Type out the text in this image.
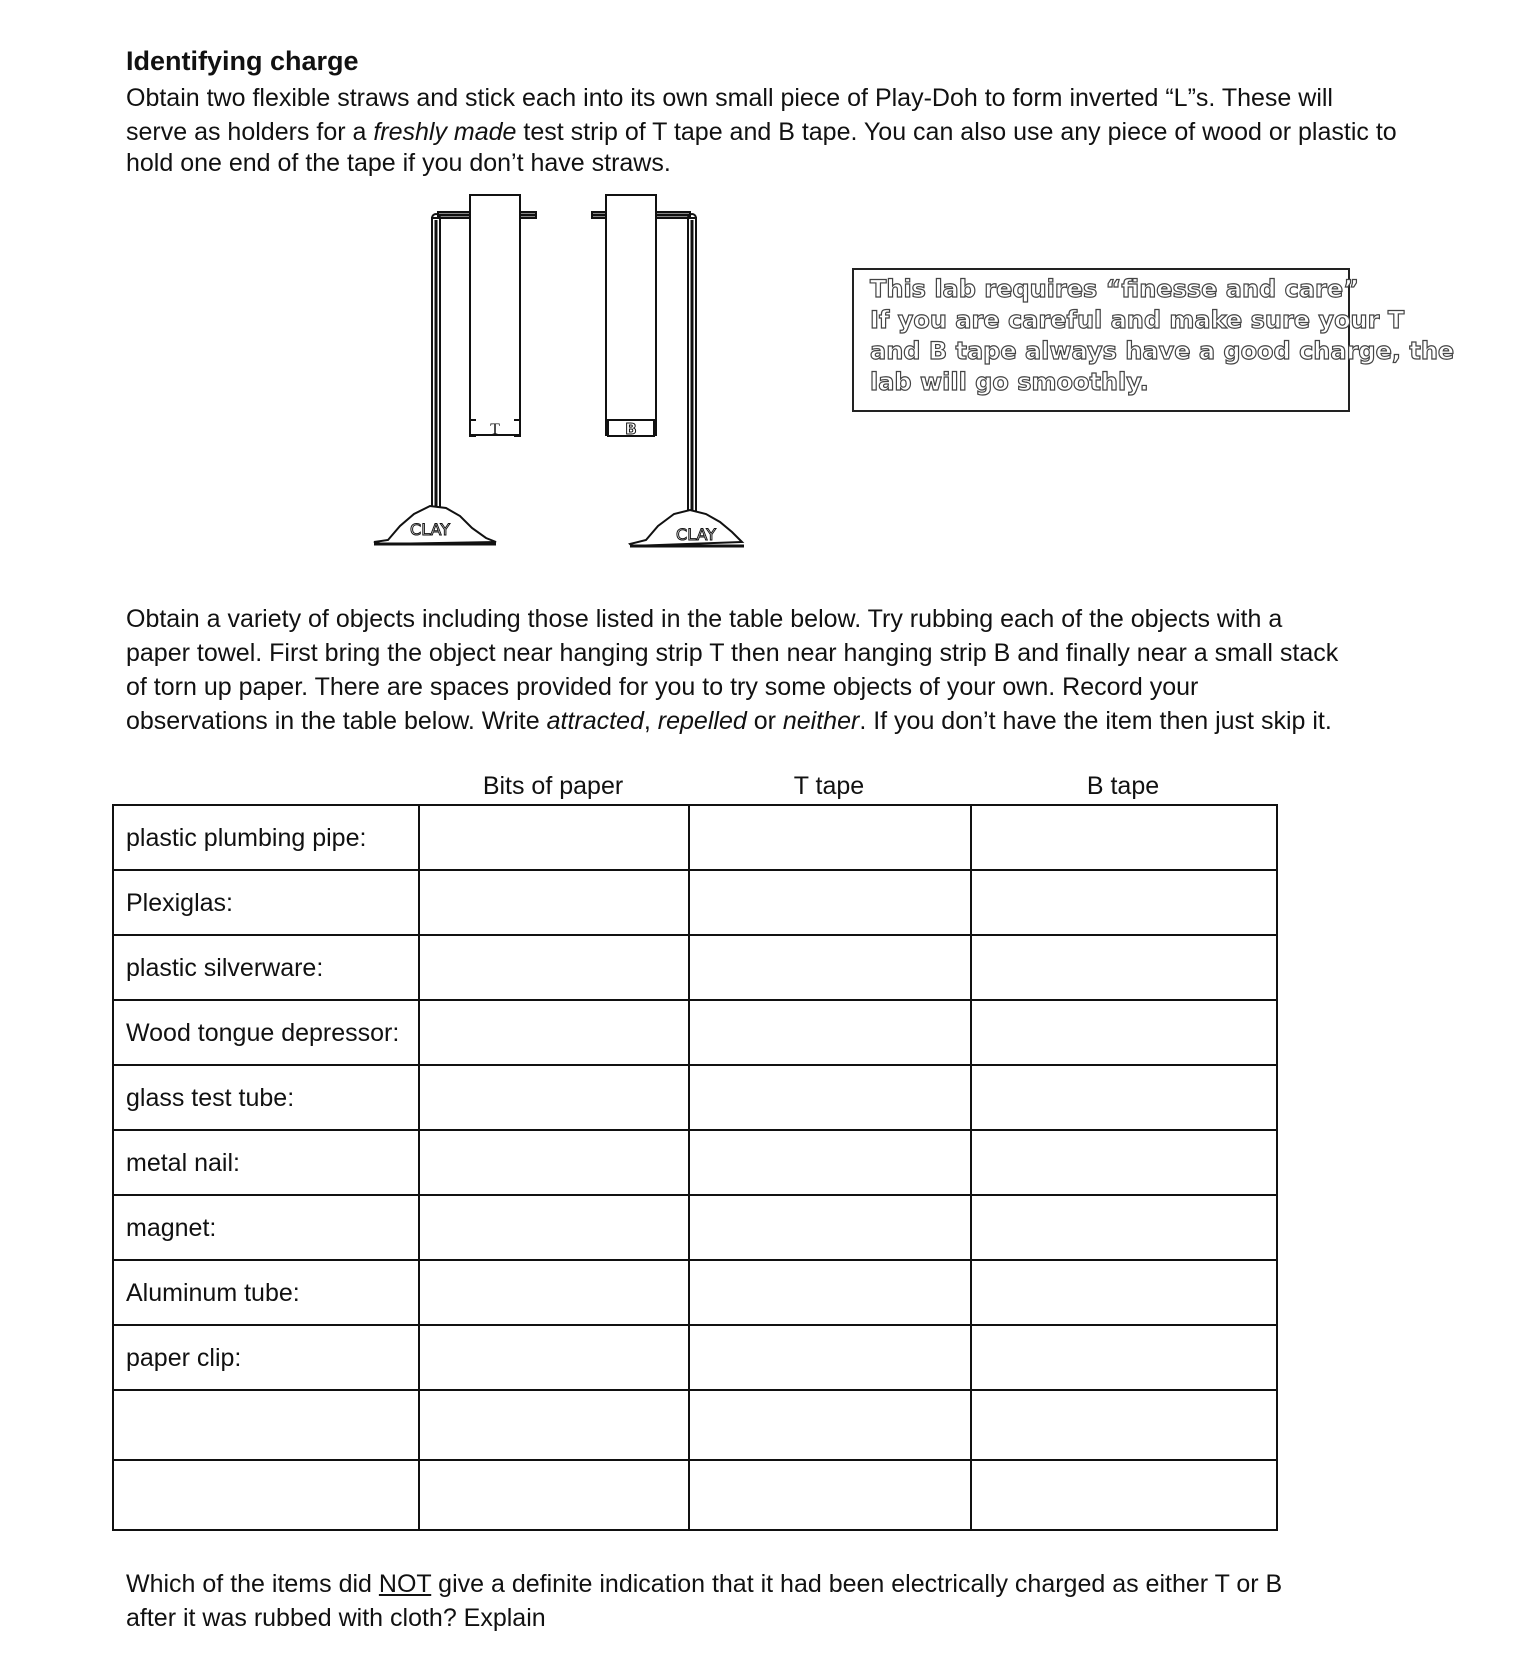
Identifying charge
Obtain two flexible straws and stick each into its own small piece of Play-Doh to form inverted “L”s. These will
serve as holders for a freshly made test strip of T tape and B tape. You can also use any piece of wood or plastic to
hold one end of the tape if you don’t have straws.
T	B
CLAY	CLAY
This lab requires “finesse and care”
If you are careful and make sure your T
and B tape always have a good charge, the
lab will go smoothly.
Obtain a variety of objects including those listed in the table below. Try rubbing each of the objects with a
paper towel. First bring the object near hanging strip T then near hanging strip B and finally near a small stack
of torn up paper. There are spaces provided for you to try some objects of your own. Record your
observations in the table below. Write attracted, repelled or neither. If you don’t have the item then just skip it.
Bits of paper	T tape	B tape
plastic plumbing pipe:			
Plexiglas:			
plastic silverware:			
Wood tongue depressor:			
glass test tube:			
metal nail:			
magnet:			
Aluminum tube:			
paper clip:			

Which of the items did NOT give a definite indication that it had been electrically charged as either T or B
after it was rubbed with cloth? Explain
